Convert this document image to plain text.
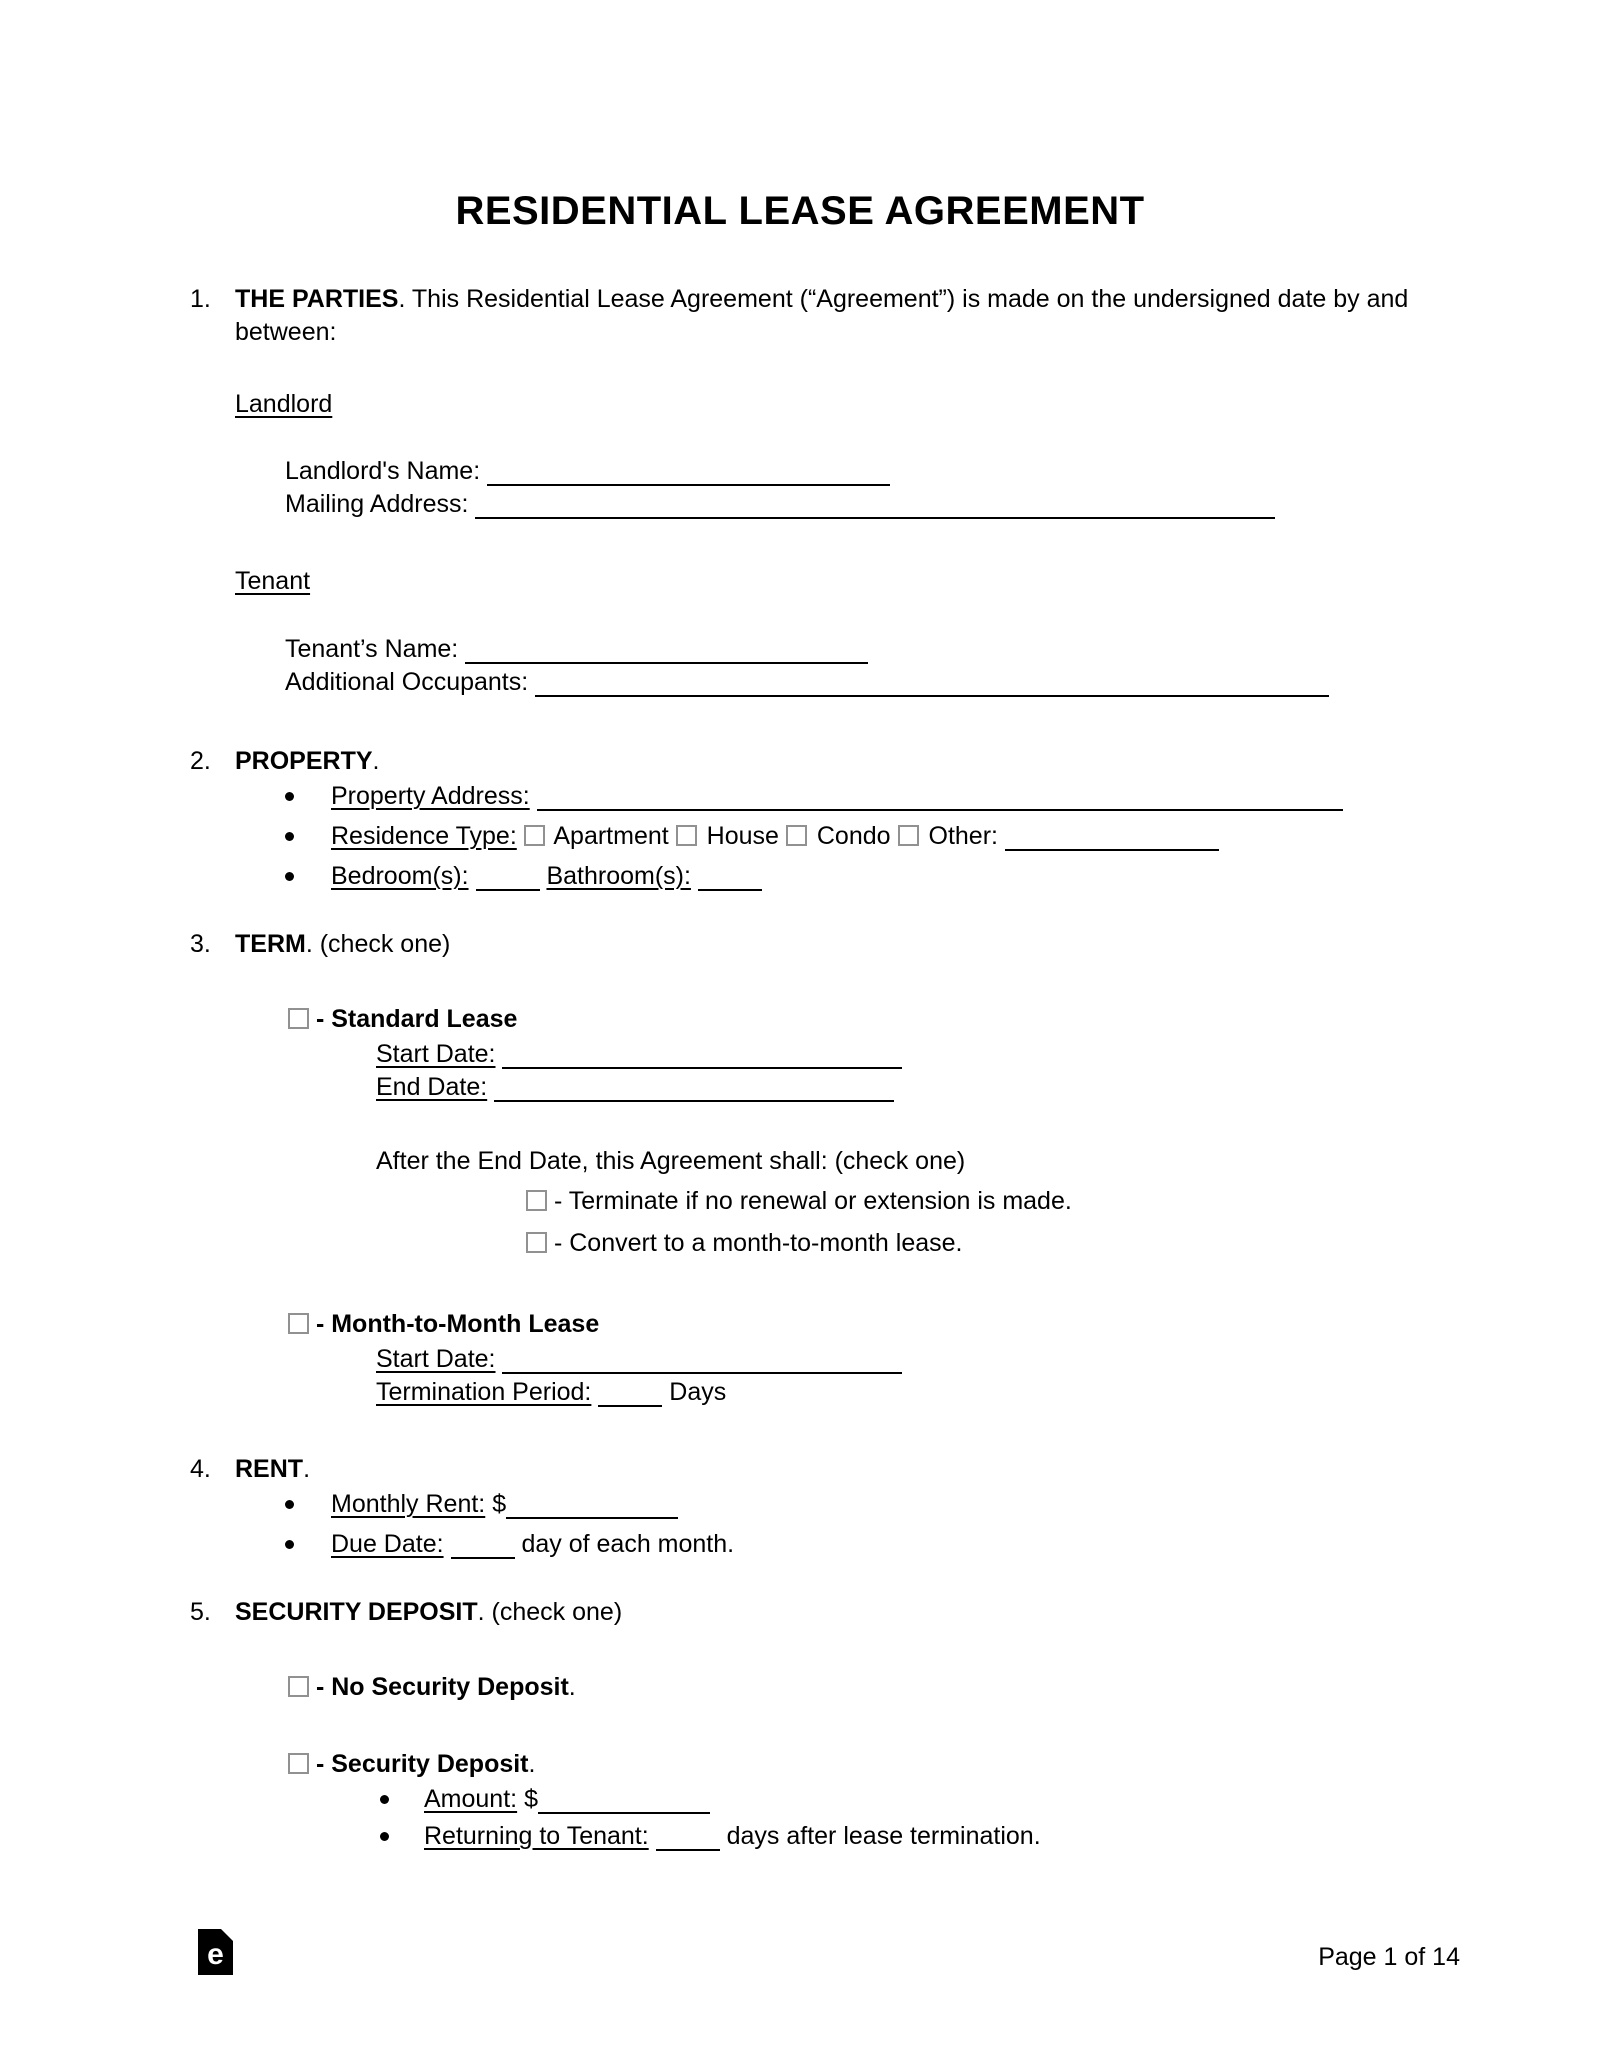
RESIDENTIAL LEASE AGREEMENT
1. THE PARTIES. This Residential Lease Agreement (“Agreement”) is made on the undersigned date by and between:
Landlord
Landlord's Name:
Mailing Address:
Tenant
Tenant’s Name:
Additional Occupants:
2. PROPERTY.
Property Address:
Residence Type: Apartment House Condo Other:
Bedroom(s):	Bathroom(s):
3. TERM. (check one)
- Standard Lease
Start Date:
End Date:
After the End Date, this Agreement shall: (check one)
- Terminate if no renewal or extension is made.
- Convert to a month-to-month lease.
- Month-to-Month Lease
Start Date:
Termination Period:	Days
4. RENT.
Monthly Rent: $
Due Date:	day of each month.
5. SECURITY DEPOSIT. (check one)
- No Security Deposit.
- Security Deposit.
Amount: $
Returning to Tenant:	days after lease termination.
e	Page 1 of 14
